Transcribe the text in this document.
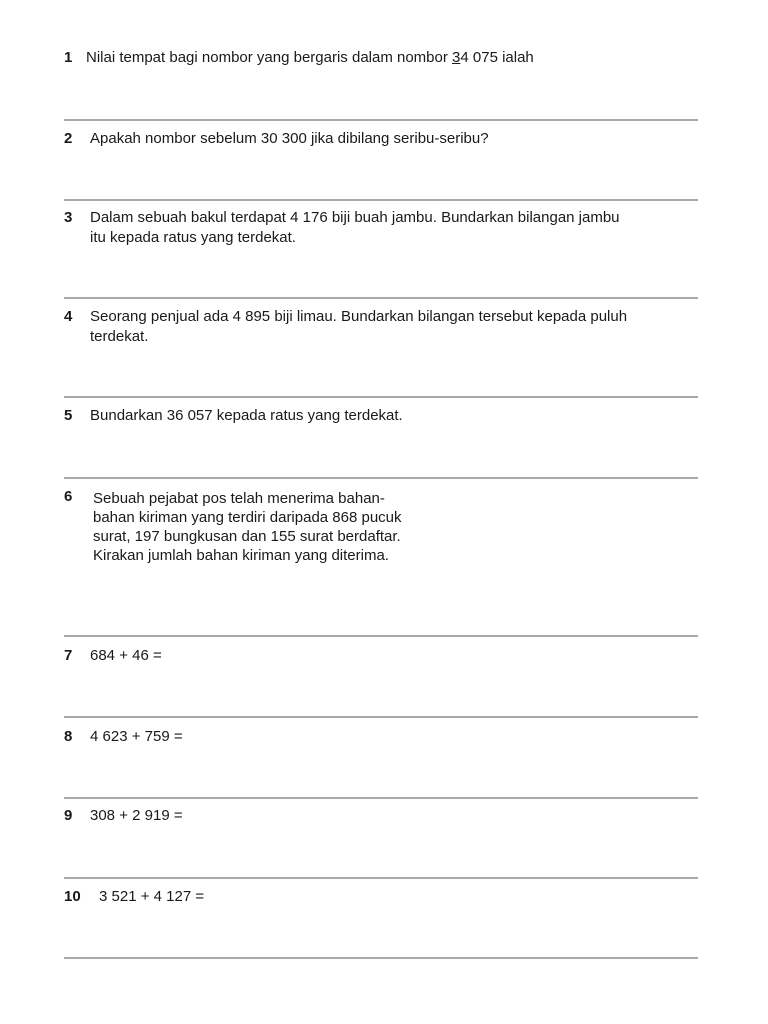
1 Nilai tempat bagi nombor yang bergaris dalam nombor 34 075 ialah
2 Apakah nombor sebelum 30 300 jika dibilang seribu-seribu?
3 Dalam sebuah bakul terdapat 4 176 biji buah jambu. Bundarkan bilangan jambu
itu kepada ratus yang terdekat.
4 Seorang penjual ada 4 895 biji limau. Bundarkan bilangan tersebut kepada puluh
terdekat.
5 Bundarkan 36 057 kepada ratus yang terdekat.
6 Sebuah pejabat pos telah menerima bahan-
bahan kiriman yang terdiri daripada 868 pucuk
surat, 197 bungkusan dan 155 surat berdaftar.
Kirakan jumlah bahan kiriman yang diterima.
7 684 + 46 =
8 4 623 + 759 =
9 308 + 2 919 =
10 3 521 + 4 127 =
